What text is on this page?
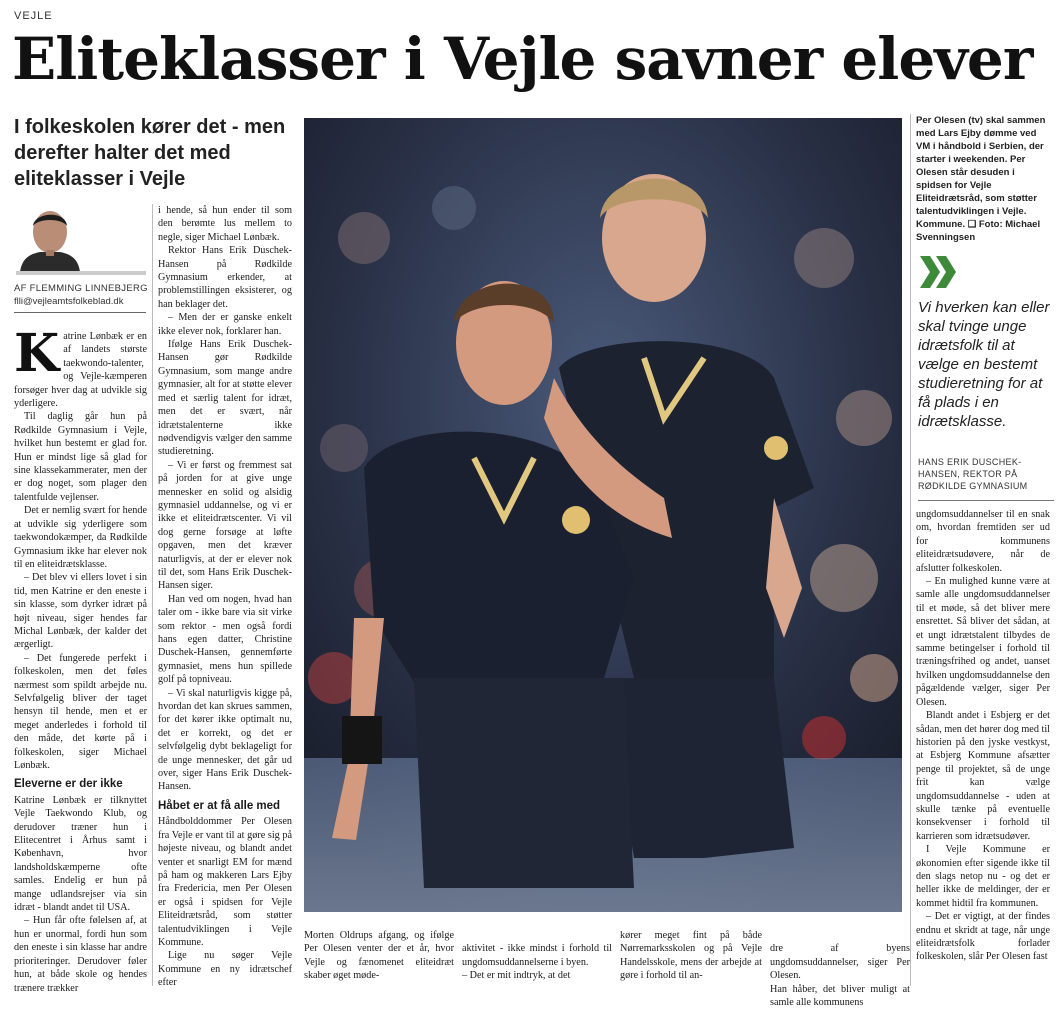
VEJLE
Eliteklasser i Vejle savner elever
I folkeskolen kører det - men derefter halter det med eliteklasser i Vejle
AF FLEMMING LINNEBJERG
flli@vejleamtsfolkeblad.dk
K atrine Lønbæk er en af landets største taekwondo-talenter, og Vejle-kæmperen forsøger hver dag at udvikle sig yderligere.

Til daglig går hun på Rødkilde Gymnasium i Vejle, hvilket hun bestemt er glad for. Hun er mindst lige så glad for sine klassekammerater, men der er dog noget, som plager den talentfulde vejlenser.

Det er nemlig svært for hende at udvikle sig yderligere som taekwondokæmper, da Rødkilde Gymnasium ikke har elever nok til en eliteidrætsklasse.

– Det blev vi ellers lovet i sin tid, men Katrine er den eneste i sin klasse, som dyrker idræt på højt niveau, siger hendes far Michal Lønbæk, der kalder det ærgerligt.

– Det fungerede perfekt i folkeskolen, men det føles nærmest som spildt arbejde nu. Selvfølgelig bliver der taget hensyn til hende, men et er meget anderledes i forhold til den måde, det kørte på i folkeskolen, siger Michael Lønbæk.

Eleverne er der ikke

Katrine Lønbæk er tilknyttet Vejle Taekwondo Klub, og derudover træner hun i Elitecentret i Århus samt i København, hvor landsholdskæmperne ofte samles. Endelig er hun på mange udlandsrejser via sin idræt - blandt andet til USA.

– Hun får ofte følelsen af, at hun er unormal, fordi hun som den eneste i sin klasse har andre prioriteringer. Derudover føler hun, at både skole og hendes trænere trækker

i hende, så hun ender til som den berømte lus mellem to negle, siger Michael Lønbæk.

Rektor Hans Erik Duschek-Hansen på Rødkilde Gymnasium erkender, at problemstillingen eksisterer, og han beklager det.

– Men der er ganske enkelt ikke elever nok, forklarer han.

Ifølge Hans Erik Duschek-Hansen gør Rødkilde Gymnasium, som mange andre gymnasier, alt for at støtte elever med et særlig talent for idræt, men det er svært, når idrætstalenterne ikke nødvendigvis vælger den samme studieretning.

– Vi er først og fremmest sat på jorden for at give unge mennesker en solid og alsidig gymnasiel uddannelse, og vi er ikke et eliteidrætscenter. Vi vil dog gerne forsøge at løfte opgaven, men det kræver naturligvis, at der er elever nok til det, som Hans Erik Duschek-Hansen siger.

Han ved om nogen, hvad han taler om - ikke bare via sit virke som rektor - men også fordi hans egen datter, Christine Duschek-Hansen, gennemførte gymnasiet, mens hun spillede golf på topniveau.

– Vi skal naturligvis kigge på, hvordan det kan skrues sammen, for det kører ikke optimalt nu, det er korrekt, og det er selvfølgelig dybt beklageligt for de unge mennesker, det går ud over, siger Hans Erik Duschek-Hansen.

Håbet er at få alle med

Håndbolddommer Per Olesen fra Vejle er vant til at gøre sig på højeste niveau, og blandt andet venter et snarligt EM for mænd på ham og makkeren Lars Ejby fra Fredericia, men Per Olesen er også i spidsen for Vejle Eliteidrætsråd, som støtter talentudviklingen i Vejle Kommune.

Lige nu søger Vejle Kommune en ny idrætschef efter

Per Olesen (tv) skal sammen med Lars Ejby dømme ved VM i håndbold i Serbien, der starter i weekenden. Per Olesen står desuden i spidsen for Vejle Eliteidrætsråd, som støtter talentudviklingen i Vejle. Kommune. ❑ Foto: Michael Svenningsen
Vi hverken kan eller skal tvinge unge idrætsfolk til at vælge en bestemt studieretning for at få plads i en idrætsklasse.
HANS ERIK DUSCHEK-HANSEN, REKTOR PÅ RØDKILDE GYMNASIUM

ungdomsuddannelser til en snak om, hvordan fremtiden ser ud for kommunens eliteidrætsudøvere, når de afslutter folkeskolen.

– En mulighed kunne være at samle alle ungdomsuddannelser til et møde, så det bliver mere ensrettet. Så bliver det sådan, at et ungt idrætstalent tilbydes de samme betingelser i forhold til træningsfrihed og andet, uanset hvilken ungdomsuddannelse den pågældende vælger, siger Per Olesen.

Blandt andet i Esbjerg er det sådan, men det hører dog med til historien på den jyske vestkyst, at Esbjerg Kommune afsætter penge til projektet, så de unge frit kan vælge ungdomsuddannelse - uden at skulle tænke på eventuelle konsekvenser i forhold til karrieren som idrætsudøver.

I Vejle Kommune er økonomien efter sigende ikke til den slags netop nu - og det er heller ikke de meldinger, der er kommet hidtil fra kommunen.

– Det er vigtigt, at der findes endnu et skridt at tage, når unge eliteidrætsfolk forlader folkeskolen, slår Per Olesen fast

Morten Oldrups afgang, og ifølge Per Olesen venter der et år, hvor Vejle og fænomenet eliteidræt skaber øget møde-

aktivitet - ikke mindst i forhold til ungdomsuddannelserne i byen.
– Det er mit indtryk, at det

kører meget fint på både Nørremarksskolen og på Vejle Handelsskole, mens der arbejde at gøre i forhold til an-

dre af byens ungdomsuddannelser, siger Per Olesen.
Han håber, det bliver muligt at samle alle kommunens
